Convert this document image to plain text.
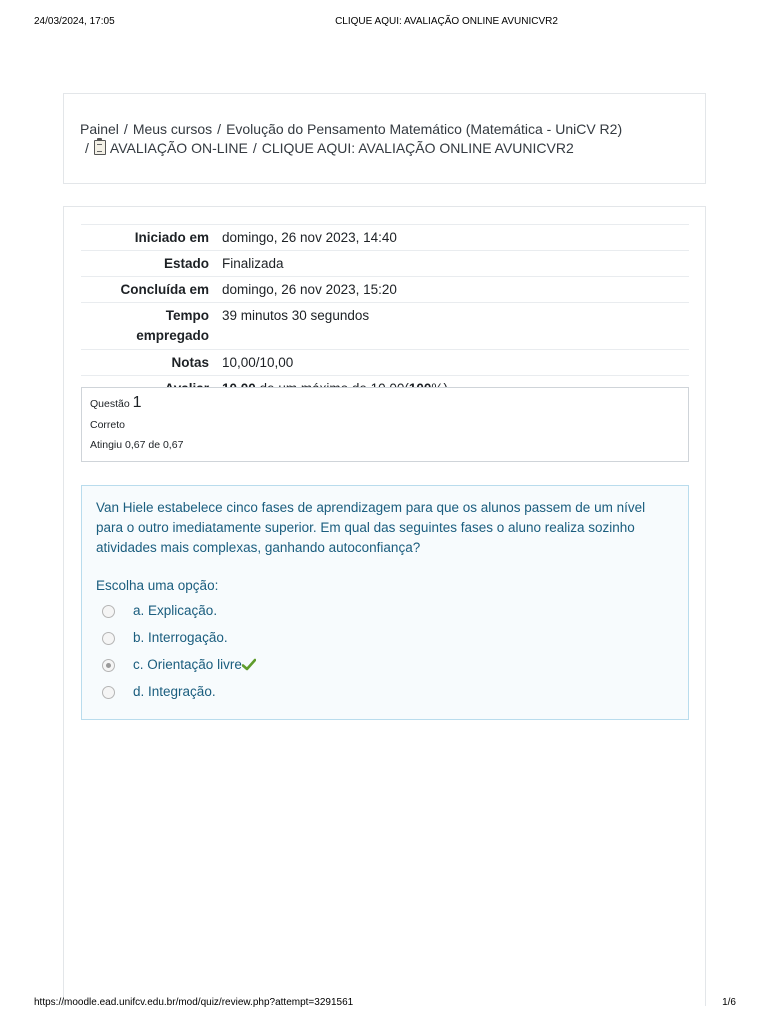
24/03/2024, 17:05	CLIQUE AQUI: AVALIAÇÃO ONLINE AVUNICVR2
Painel / Meus cursos / Evolução do Pensamento Matemático (Matemática - UniCV R2)
/ AVALIAÇÃO ON-LINE / CLIQUE AQUI: AVALIAÇÃO ONLINE AVUNICVR2
Iniciado em	domingo, 26 nov 2023, 14:40
Estado	Finalizada
Concluída em	domingo, 26 nov 2023, 15:20
Tempo empregado	39 minutos 30 segundos
Notas	10,00/10,00

Questão 1
Correto
Atingiu 0,67 de 0,67
Van Hiele estabelece cinco fases de aprendizagem para que os alunos passem de um nível para o outro imediatamente superior. Em qual das seguintes fases o aluno realiza sozinho atividades mais complexas, ganhando autoconfiança?
Escolha uma opção:
a. Explicação.
b. Interrogação.
c. Orientação livre
d. Integração.
https://moodle.ead.unifcv.edu.br/mod/quiz/review.php?attempt=3291561	1/6
